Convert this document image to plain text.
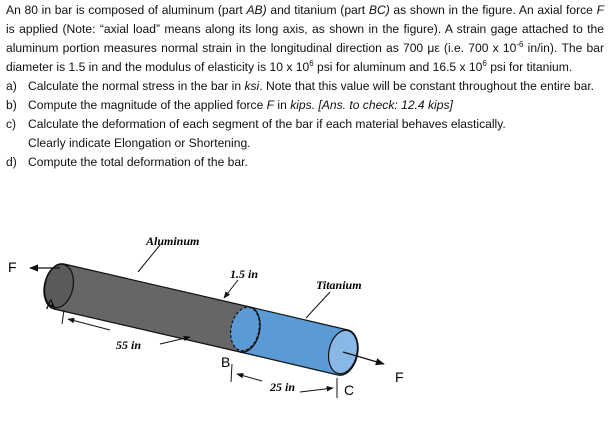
An 80 in bar is composed of aluminum (part AB) and titanium (part BC) as shown in the figure. An axial force F is applied (Note: “axial load” means along its long axis, as shown in the figure). A strain gage attached to the aluminum portion measures normal strain in the longitudinal direction as 700 με (i.e. 700 x $10^{-6}$ in/in). The bar diameter is 1.5 in and the modulus of elasticity is 10 x $10^6$ psi for aluminum and 16.5 x $10^6$ psi for titanium.

a) Calculate the normal stress in the bar in ksi. Note that this value will be constant throughout the entire bar.
b) Compute the magnitude of the applied force F in kips. [Ans. to check: 12.4 kips]
c) Calculate the deformation of each segment of the bar if each material behaves elastically.
Clearly indicate Elongation or Shortening.
d) Compute the total deformation of the bar.
Aluminum
Titanium
1.5 in
55 in
25 in
F
F
A
B
C
